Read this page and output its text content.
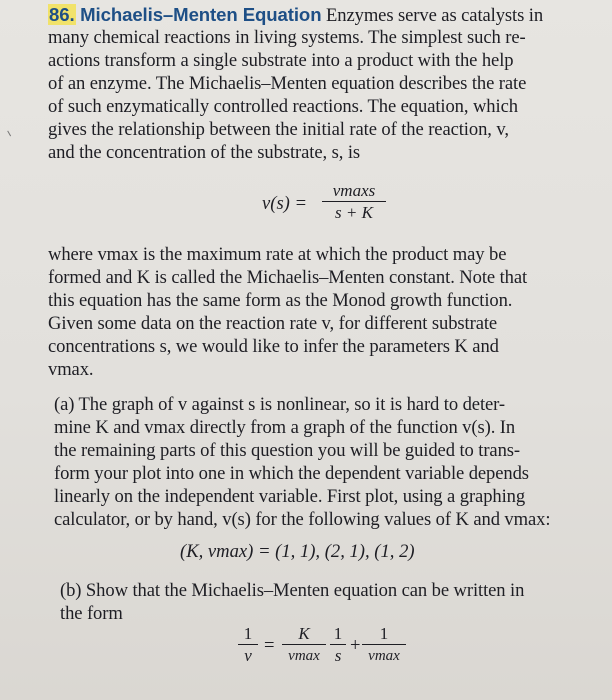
86. Michaelis–Menten Equation Enzymes serve as catalysts in
many chemical reactions in living systems. The simplest such re-
actions transform a single substrate into a product with the help
of an enzyme. The Michaelis–Menten equation describes the rate
of such enzymatically controlled reactions. The equation, which
gives the relationship between the initial rate of the reaction, v,
and the concentration of the substrate, s, is
v(s) =
vmaxs
s + K
where vmax is the maximum rate at which the product may be
formed and K is called the Michaelis–Menten constant. Note that
this equation has the same form as the Monod growth function.
Given some data on the reaction rate v, for different substrate
concentrations s, we would like to infer the parameters K and
vmax.
(a) The graph of v against s is nonlinear, so it is hard to deter-
mine K and vmax directly from a graph of the function v(s). In
the remaining parts of this question you will be guided to trans-
form your plot into one in which the dependent variable depends
linearly on the independent variable. First plot, using a graphing
calculator, or by hand, v(s) for the following values of K and vmax:
(K, vmax) = (1, 1), (2, 1), (1, 2)
(b) Show that the Michaelis–Menten equation can be written in
the form
1
v =
K
vmax
1
s +
1
vmax
